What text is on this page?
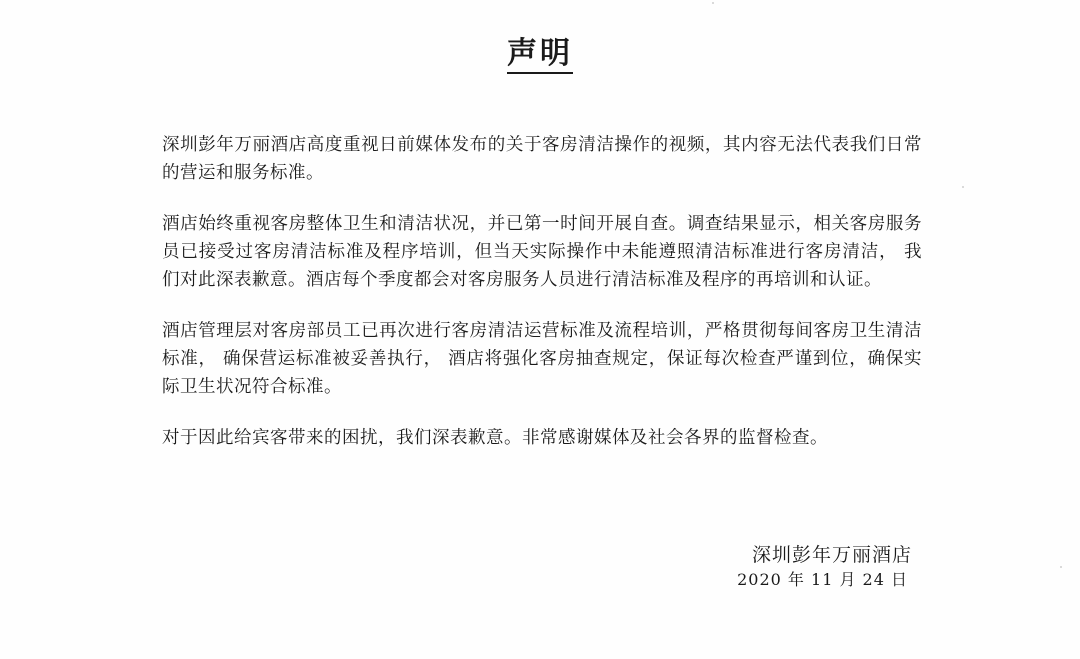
声明

深圳彭年万丽酒店高度重视日前媒体发布的关于客房清洁操作的视频，其内容无法代表我们日常的营运和服务标准。

酒店始终重视客房整体卫生和清洁状况，并已第一时间开展自查。调查结果显示，相关客房服务员已接受过客房清洁标准及程序培训，但当天实际操作中未能遵照清洁标准进行客房清洁， 我们对此深表歉意。酒店每个季度都会对客房服务人员进行清洁标准及程序的再培训和认证。

酒店管理层对客房部员工已再次进行客房清洁运营标准及流程培训，严格贯彻每间客房卫生清洁标准， 确保营运标准被妥善执行， 酒店将强化客房抽查规定，保证每次检查严谨到位，确保实际卫生状况符合标准。

对于因此给宾客带来的困扰，我们深表歉意。非常感谢媒体及社会各界的监督检查。

深圳彭年万丽酒店
2020 年 11 月 24 日
